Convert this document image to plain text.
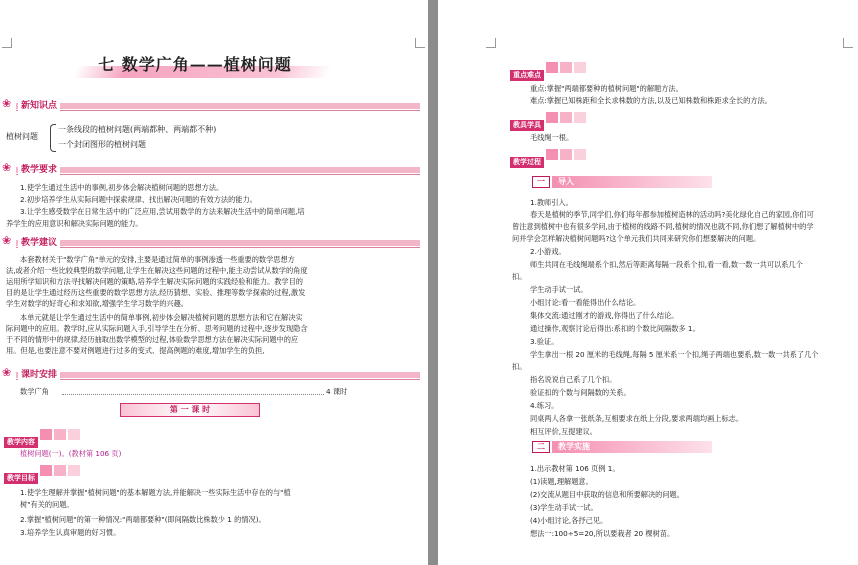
七 数学广角——植树问题
❀	新知识点
植树问题
一条线段的植树问题(两端都种、两端都不种)
一个封闭图形的植树问题
❀	教学要求
1.使学生通过生活中的事例,初步体会解决植树问题的思想方法。
2.初步培养学生从实际问题中探索规律、找出解决问题的有效方法的能力。
3.让学生感受数学在日常生活中的广泛应用,尝试用数学的方法来解决生活中的简单问题,培
养学生的应用意识和解决实际问题的能力。
❀	教学建议
本套教材关于"数学广角"单元的安排,主要是通过简单的事例渗透一些重要的数学思想方
法,或者介绍一些比较典型的数学问题,让学生在解决这些问题的过程中,能主动尝试从数学的角度
运用所学知识和方法寻找解决问题的策略,培养学生解决实际问题的实践经验和能力。教学目的
目的是让学生通过经历这些重要的数学思想方法,经历猜想、实验、推理等数学探索的过程,激发
学生对数学的好奇心和求知欲,增强学生学习数学的兴趣。
本单元就是让学生通过生活中的简单事例,初步体会解决植树问题的思想方法和它在解决实
际问题中的应用。教学时,应从实际问题入手,引导学生在分析、思考问题的过程中,逐步发现隐含
于不同的情形中的规律,经历抽取出数学模型的过程,体验数学思想方法在解决实际问题中的应
用。但是,也要注意不要对例题进行过多的变式、提高例题的难度,增加学生的负担,
❀	课时安排
数学广角	4 课时
第 一 课 时
教学内容
植树问题(一)。(教材第 106 页)
教学目标
1.使学生理解并掌握"植树问题"的基本解题方法,并能解决一些实际生活中存在的与"植
树"有关的问题。
2.掌握"植树问题"的第一种情况:"两端都要种"(即间隔数比株数少 1 的情况)。
3.培养学生认真审题的好习惯。
重点难点
重点:掌握"两端都要种的植树问题"的解题方法。
难点:掌握已知株距和全长求株数的方法,以及已知株数和株距求全长的方法。
教具学具
毛线绳一根。
教学过程
一	导入
1.教师引入。
春天是植树的季节,同学们,你们每年都参加植树造林的活动吗?美化绿化自己的家园,你们可
曾注意到植树中也有很多学问,由于植树的线路不同,植树的情况也就不同,你们想了解植树中的学
问并学会怎样解决植树问题吗?这个单元我们共同来研究你们想要解决的问题。
2.小游戏。
师生共同在毛线绳端系个扣,然后等距离每隔一段系个扣,看一看,数一数一共可以系几个
扣。
学生动手试一试。
小组讨论:看一看能得出什么结论。
集体交流:通过刚才的游戏,你得出了什么结论。
通过操作,观察讨论后得出:系扣的个数比间隔数多 1。
3.验证。
学生拿出一根 20 厘米的毛线绳,每隔 5 厘米系一个扣,绳子两端也要系,数一数一共系了几个
扣。
指名说说自己系了几个扣。
验证扣的个数与间隔数的关系。
4.练习。
同桌两人各拿一张纸条,互相要求在纸上分段,要求两端均画上标志。
相互评价,互提建议。
二	教学实施
1.出示教材第 106 页例 1。
(1)读题,理解题意。
(2)交流从题目中获取的信息和所要解决的问题。
(3)学生动手试一试。
(4)小组讨论,各抒己见。
想法一:100÷5=20,所以要栽者 20 棵树苗。
